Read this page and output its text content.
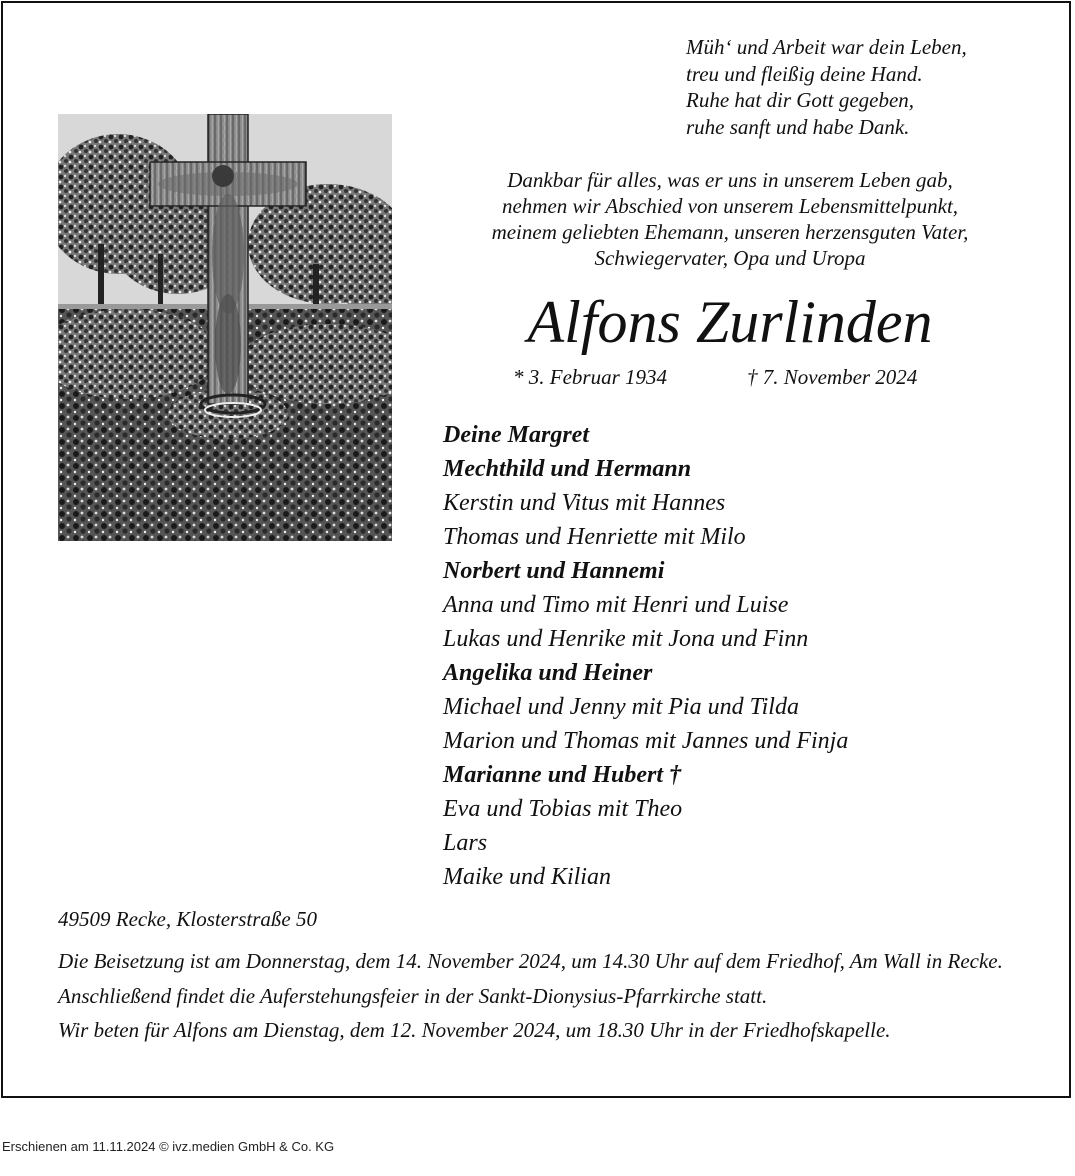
Müh‘ und Arbeit war dein Leben,
treu und fleißig deine Hand.
Ruhe hat dir Gott gegeben,
ruhe sanft und habe Dank.
Dankbar für alles, was er uns in unserem Leben gab,
nehmen wir Abschied von unserem Lebensmittelpunkt,
meinem geliebten Ehemann, unseren herzensguten Vater,
Schwiegervater, Opa und Uropa
Alfons Zurlinden
* 3. Februar 1934	† 7. November 2024
Deine Margret
Mechthild und Hermann
Kerstin und Vitus mit Hannes
Thomas und Henriette mit Milo
Norbert und Hannemi
Anna und Timo mit Henri und Luise
Lukas und Henrike mit Jona und Finn
Angelika und Heiner
Michael und Jenny mit Pia und Tilda
Marion und Thomas mit Jannes und Finja
Marianne und Hubert †
Eva und Tobias mit Theo
Lars
Maike und Kilian
49509 Recke, Klosterstraße 50

Die Beisetzung ist am Donnerstag, dem 14. November 2024, um 14.30 Uhr auf dem Friedhof, Am Wall in Recke.

Anschließend findet die Auferstehungsfeier in der Sankt-Dionysius-Pfarrkirche statt.

Wir beten für Alfons am Dienstag, dem 12. November 2024, um 18.30 Uhr in der Friedhofskapelle.

Erschienen am 11.11.2024 © ivz.medien GmbH & Co. KG
